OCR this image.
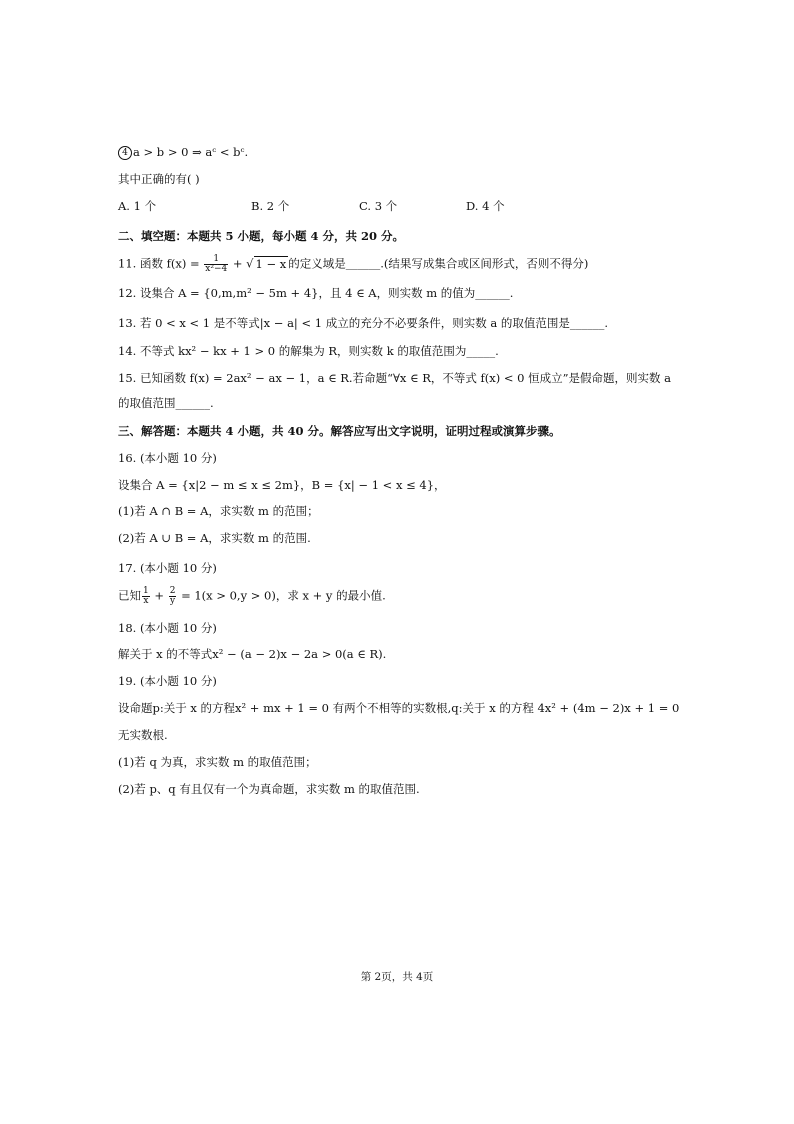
4 a > b > 0 ⇒ aᶜ < bᶜ.
其中正确的有( )
A. 1 个	B. 2 个	C. 3 个	D. 4 个
二、填空题：本题共 5 小题，每小题 4 分，共 20 分。
11. 函数 $f(x) = \frac{1}{\text{x²−4}}$ + √ 1 − x 的定义域是______.(结果写成集合或区间形式，否则不得分)
12. 设集合 A = {0,m,m² − 5m + 4}，且 4 ∈ A，则实数 m 的值为______.
13. 若 0 < x < 1 是不等式|x − a| < 1 成立的充分不必要条件，则实数 a 的取值范围是______.
14. 不等式 kx² − kx + 1 > 0 的解集为 R，则实数 k 的取值范围为_____.
15. 已知函数 f(x) = 2ax² − ax − 1，a ∈ R.若命题“∀x ∈ R，不等式 f(x) < 0 恒成立”是假命题，则实数 a
的取值范围______.
三、解答题：本题共 4 小题，共 40 分。解答应写出文字说明，证明过程或演算步骤。
16. (本小题 10 分)
设集合 A = {x|2 − m ≤ x ≤ 2m}，B = {x| − 1 < x ≤ 4}，
(1)若 A ∩ B = A，求实数 m 的范围；
(2)若 A ∪ B = A，求实数 m 的范围.
17. (本小题 10 分)
已知 $\frac{1}{x} + \frac{2}{y} = 1(x > 0,y > 0)$，求 x + y 的最小值.
18. (本小题 10 分)
解关于 x 的不等式x² − (a − 2)x − 2a > 0(a ∈ R).
19. (本小题 10 分)
设命题p:关于 x 的方程x² + mx + 1 = 0 有两个不相等的实数根,q:关于 x 的方程 4x² + (4m − 2)x + 1 = 0
无实数根.
(1)若 q 为真，求实数 m 的取值范围；
(2)若 p、q 有且仅有一个为真命题，求实数 m 的取值范围.
第 2页，共 4页
